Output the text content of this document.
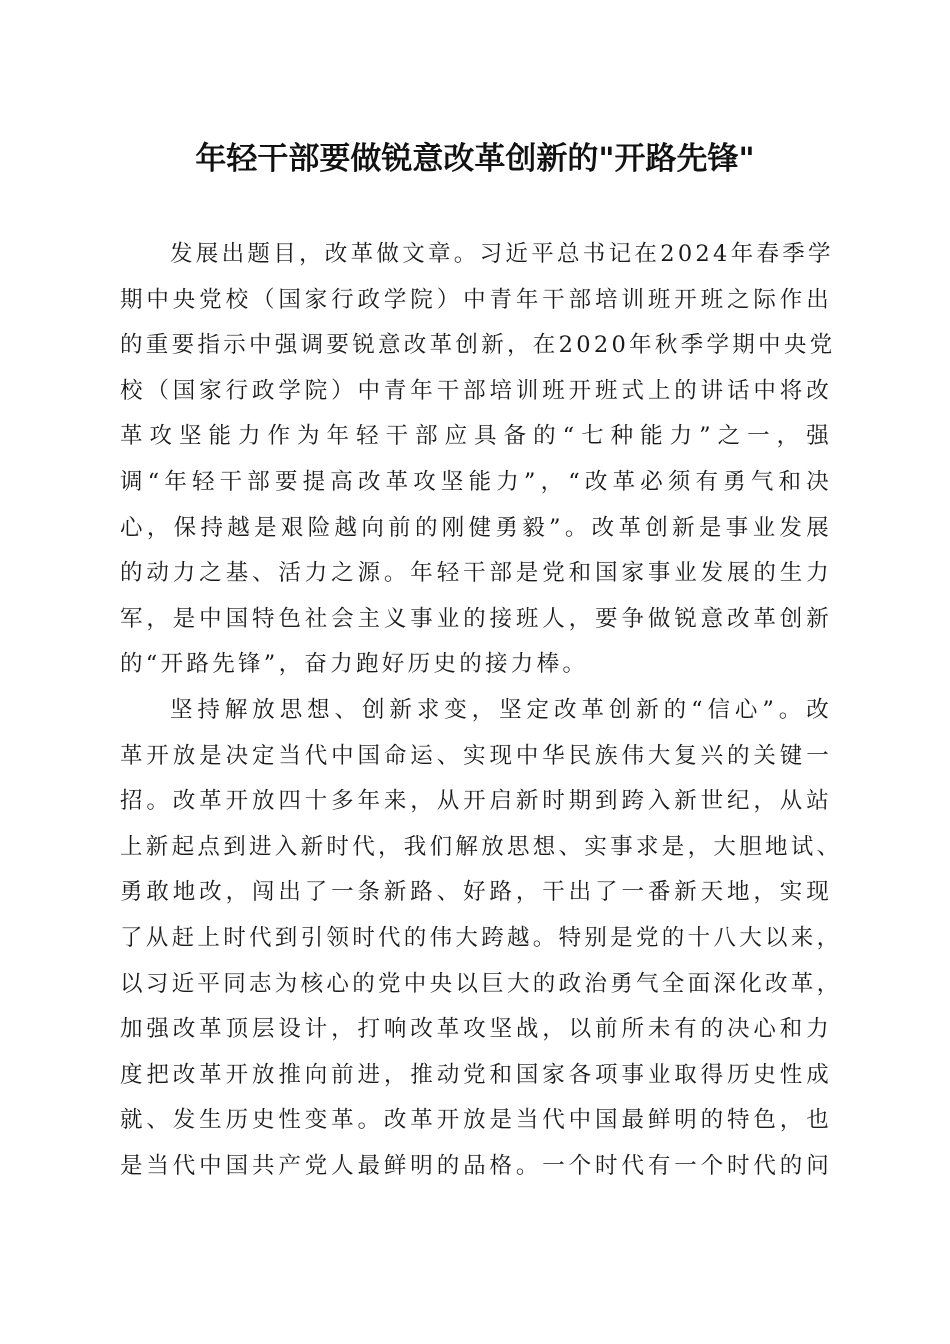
年轻干部要做锐意改革创新的"开路先锋"
发展出题目，改革做文章。习近平总书记在2024年春季学
期中央党校（国家行政学院）中青年干部培训班开班之际作出
的重要指示中强调要锐意改革创新，在2020年秋季学期中央党
校（国家行政学院）中青年干部培训班开班式上的讲话中将改
革攻坚能力作为年轻干部应具备的“七种能力”之一，强
调“年轻干部要提高改革攻坚能力”，“改革必须有勇气和决
心，保持越是艰险越向前的刚健勇毅”。改革创新是事业发展
的动力之基、活力之源。年轻干部是党和国家事业发展的生力
军，是中国特色社会主义事业的接班人，要争做锐意改革创新
的“开路先锋”，奋力跑好历史的接力棒。
坚持解放思想、创新求变，坚定改革创新的“信心”。改
革开放是决定当代中国命运、实现中华民族伟大复兴的关键一
招。改革开放四十多年来，从开启新时期到跨入新世纪，从站
上新起点到进入新时代，我们解放思想、实事求是，大胆地试、
勇敢地改，闯出了一条新路、好路，干出了一番新天地，实现
了从赶上时代到引领时代的伟大跨越。特别是党的十八大以来，
以习近平同志为核心的党中央以巨大的政治勇气全面深化改革，
加强改革顶层设计，打响改革攻坚战，以前所未有的决心和力
度把改革开放推向前进，推动党和国家各项事业取得历史性成
就、发生历史性变革。改革开放是当代中国最鲜明的特色，也
是当代中国共产党人最鲜明的品格。一个时代有一个时代的问
